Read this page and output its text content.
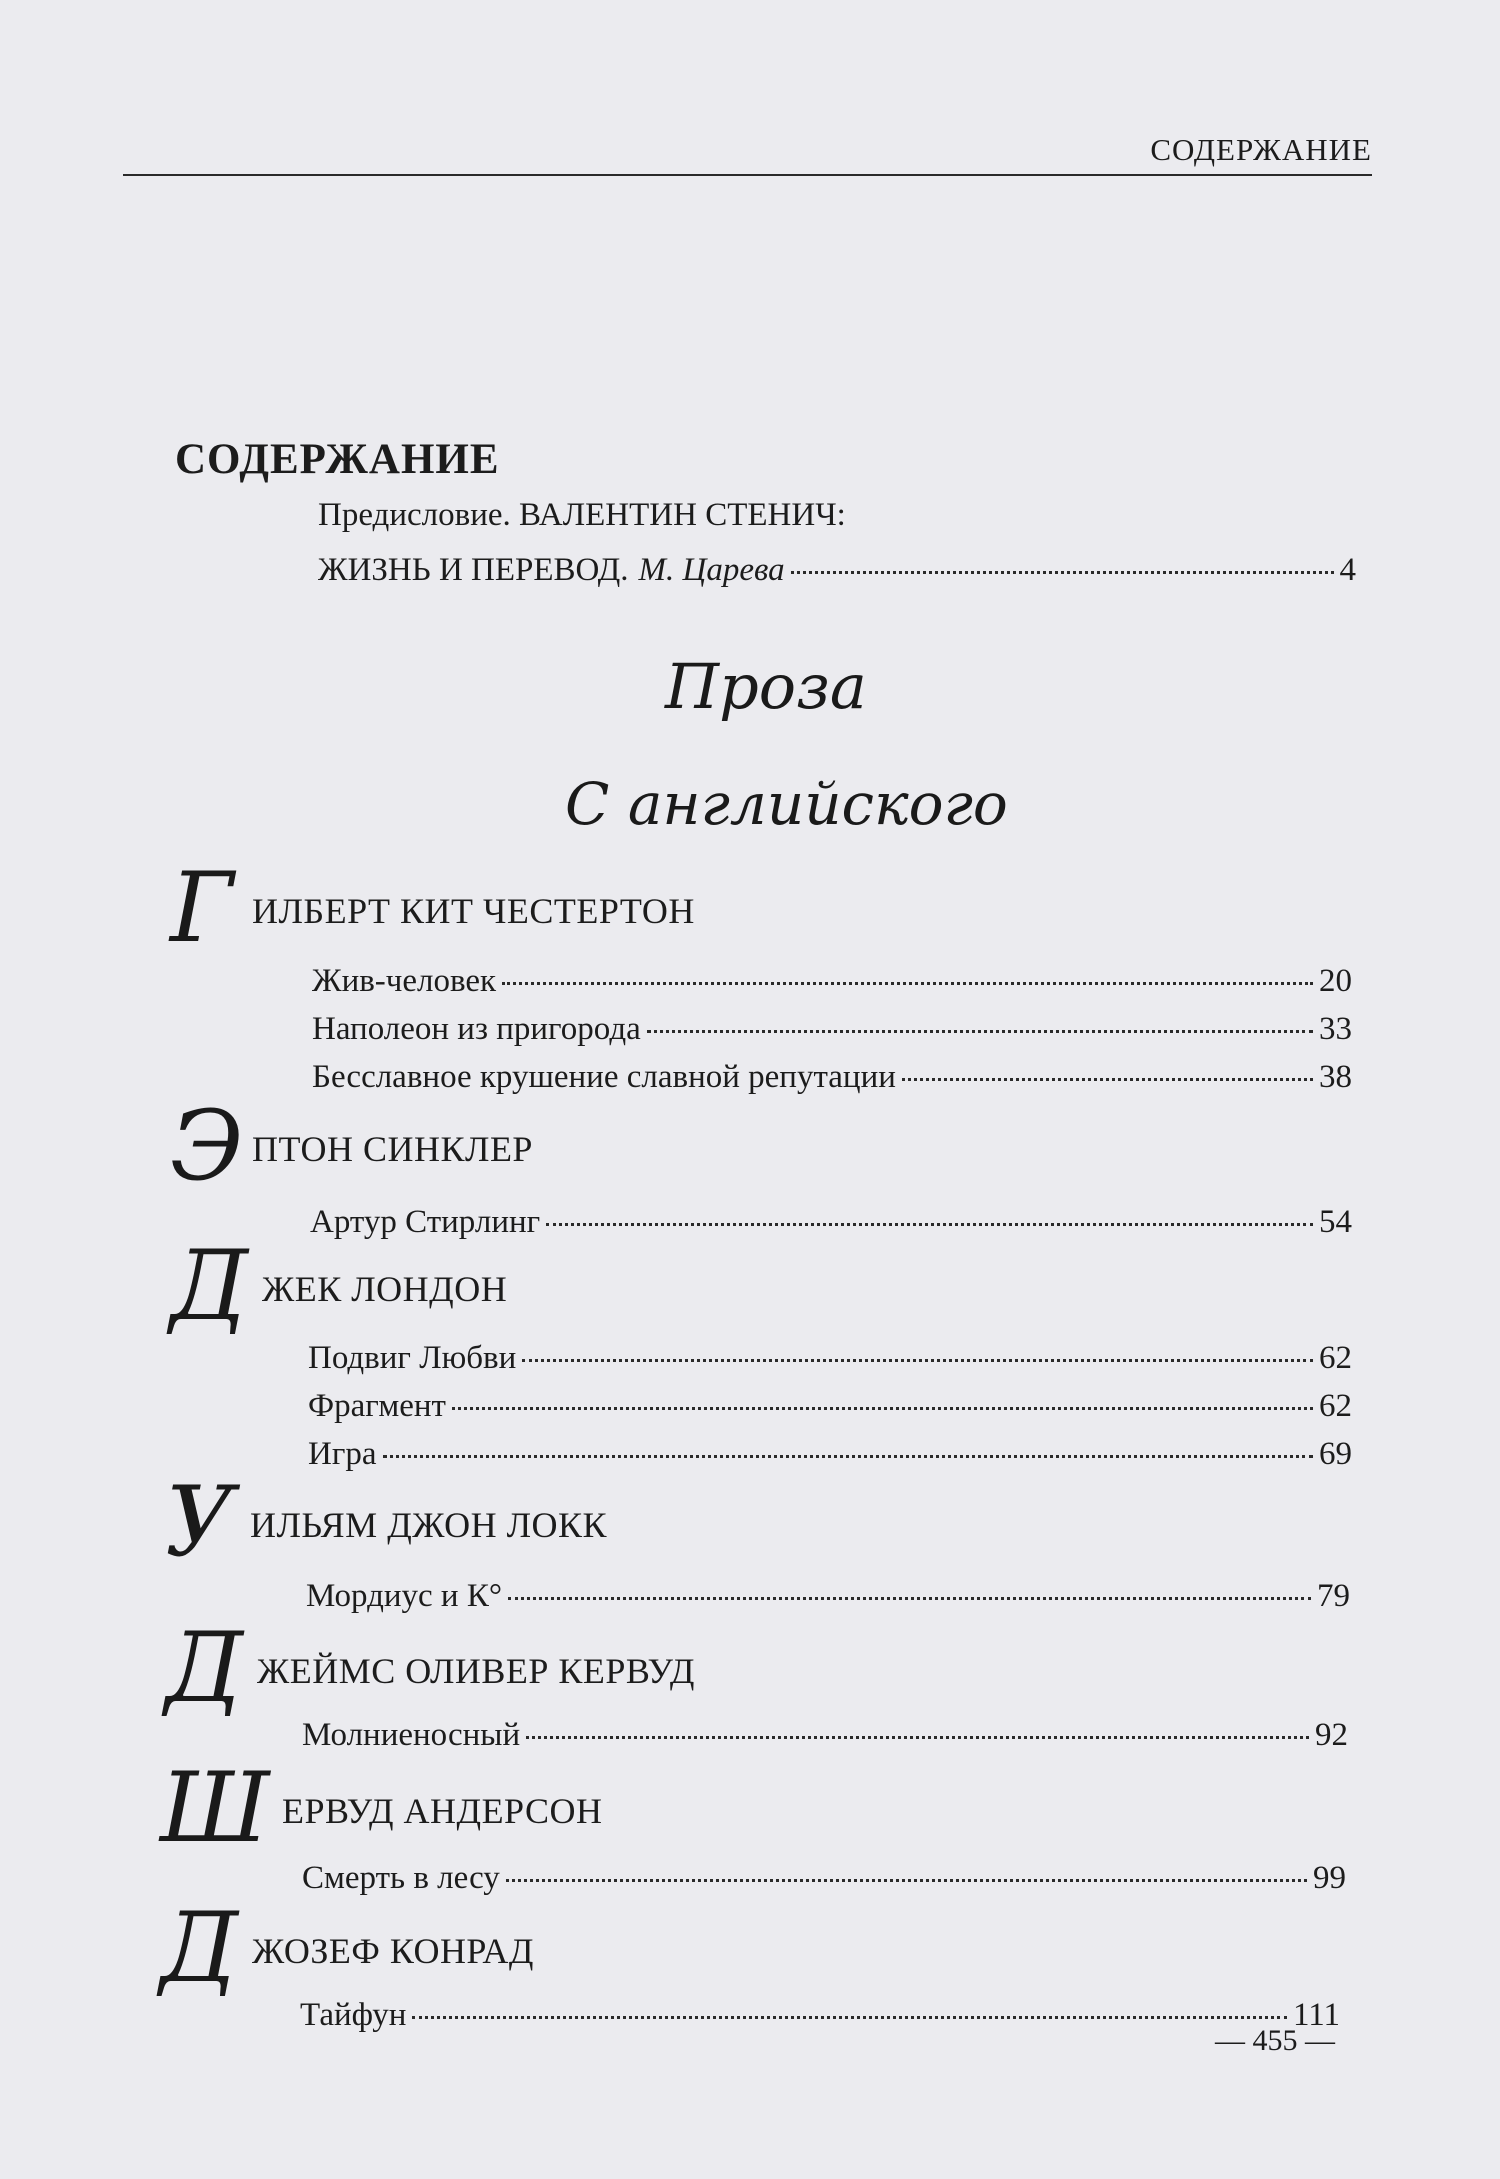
СОДЕРЖАНИЕ
СОДЕРЖАНИЕ
Предисловие. ВАЛЕНТИН СТЕНИЧ:
ЖИЗНЬ И ПЕРЕВОД. М. Царева	4
Проза
С английского
Г ИЛБЕРТ КИТ ЧЕСТЕРТОН
Жив-человек	20
Наполеон из пригорода	33
Бесславное крушение славной репутации	38
Э ПТОН СИНКЛЕР
Артур Стирлинг	54
Д ЖЕК ЛОНДОН
Подвиг Любви	62
Фрагмент	62
Игра	69
У ИЛЬЯМ ДЖОН ЛОКК
Мордиус и К°	79
Д ЖЕЙМС ОЛИВЕР КЕРВУД
Молниеносный	92
Ш ЕРВУД АНДЕРСОН
Смерть в лесу	99
Д ЖОЗЕФ КОНРАД
Тайфун	111
— 455 —
